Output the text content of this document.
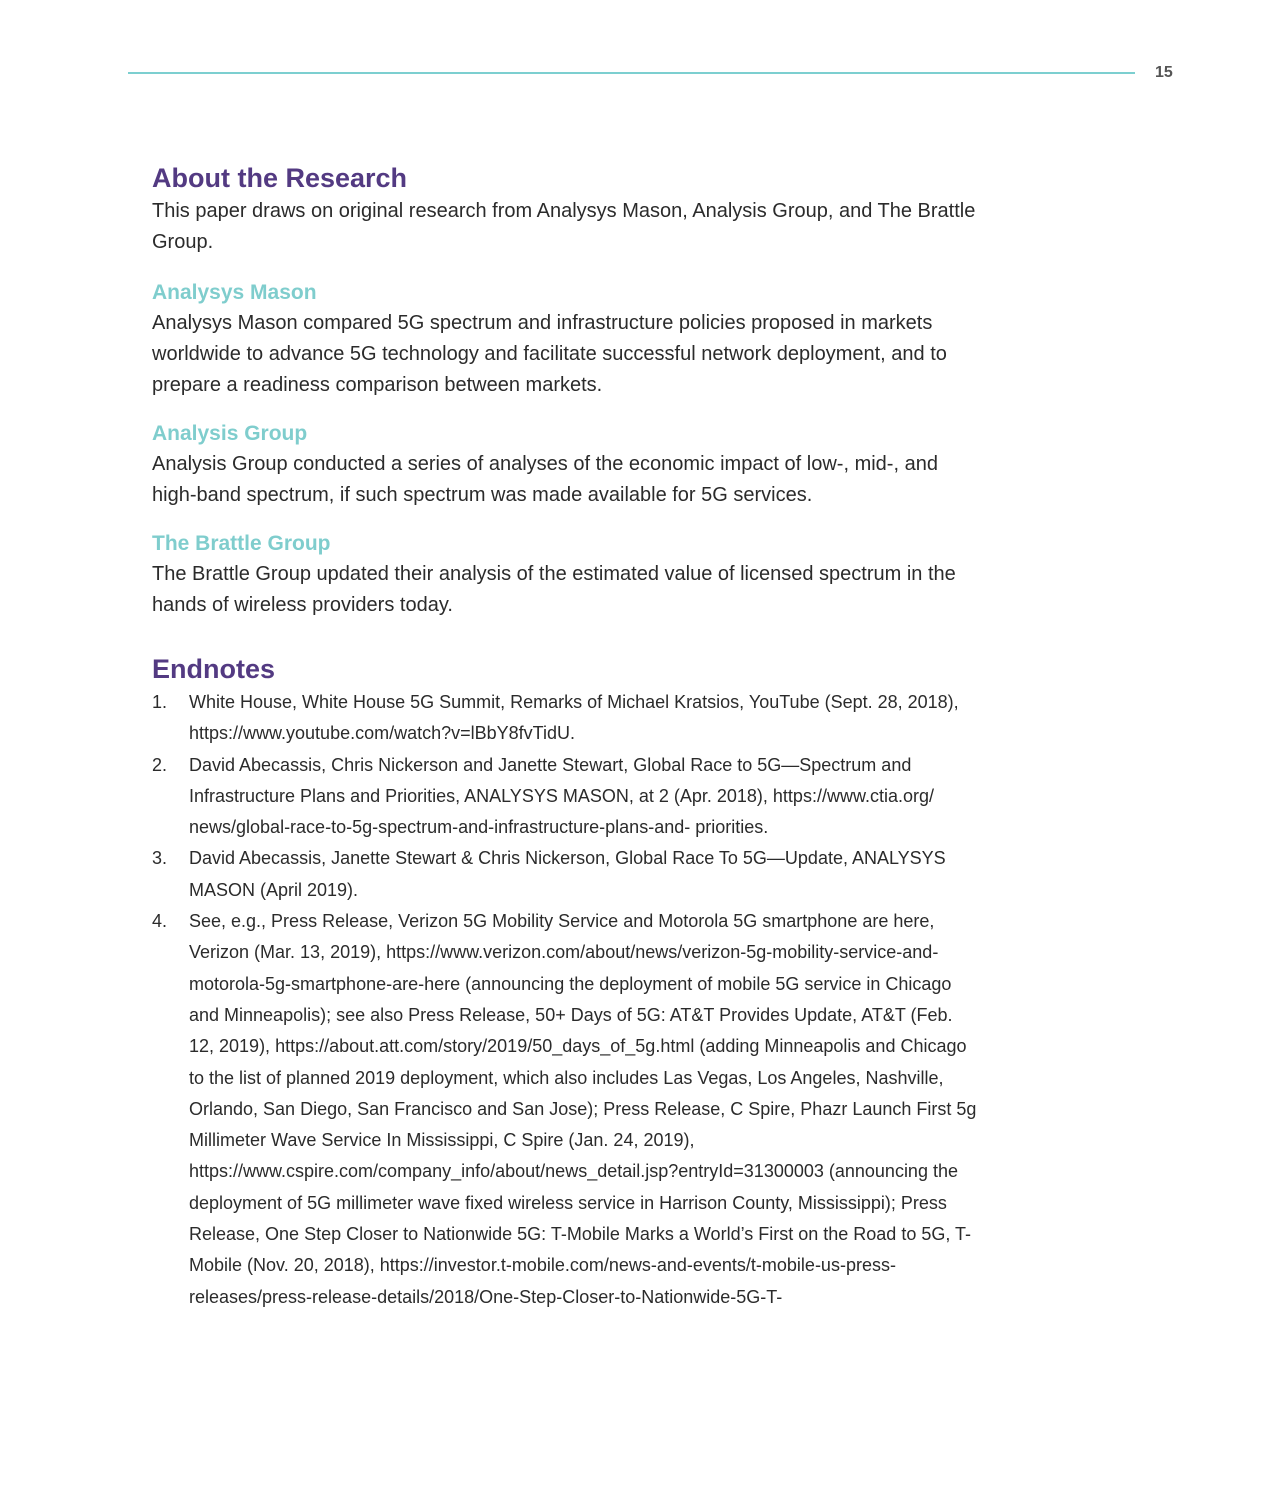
15
About the Research

This paper draws on original research from Analysys Mason, Analysis Group, and The Brattle Group.

Analysys Mason

Analysys Mason compared 5G spectrum and infrastructure policies proposed in markets worldwide to advance 5G technology and facilitate successful network deployment, and to prepare a readiness comparison between markets.

Analysis Group

Analysis Group conducted a series of analyses of the economic impact of low-, mid-, and high-band spectrum, if such spectrum was made available for 5G services.

The Brattle Group

The Brattle Group updated their analysis of the estimated value of licensed spectrum in the hands of wireless providers today.

Endnotes
1.	White House, White House 5G Summit, Remarks of Michael Kratsios, YouTube (Sept. 28, 2018), https://www.youtube.com/watch?v=lBbY8fvTidU.
2.	David Abecassis, Chris Nickerson and Janette Stewart, Global Race to 5G—Spectrum and Infrastructure Plans and Priorities, ANALYSYS MASON, at 2 (Apr. 2018), https://www.ctia.org/ news/global-race-to-5g-spectrum-and-infrastructure-plans-and- priorities.
3.	David Abecassis, Janette Stewart & Chris Nickerson, Global Race To 5G—Update, ANALYSYS MASON (April 2019).
4.	See, e.g., Press Release, Verizon 5G Mobility Service and Motorola 5G smartphone are here, Verizon (Mar. 13, 2019), https://www.verizon.com/about/news/verizon-5g-mobility-service-and-motorola-5g-smartphone-are-here (announcing the deployment of mobile 5G service in Chicago and Minneapolis); see also Press Release, 50+ Days of 5G: AT&T Provides Update, AT&T (Feb. 12, 2019), https://about.att.com/story/2019/50_days_of_5g.html (adding Minneapolis and Chicago to the list of planned 2019 deployment, which also includes Las Vegas, Los Angeles, Nashville, Orlando, San Diego, San Francisco and San Jose); Press Release, C Spire, Phazr Launch First 5g Millimeter Wave Service In Mississippi, C Spire (Jan. 24, 2019), https://www.cspire.com/company_info/about/news_detail.jsp?entryId=31300003 (announcing the deployment of 5G millimeter wave fixed wireless service in Harrison County, Mississippi); Press Release, One Step Closer to Nationwide 5G: T-Mobile Marks a World’s First on the Road to 5G, T-Mobile (Nov. 20, 2018), https://investor.t-mobile.com/news-and-events/t-mobile-us-press-releases/press-release-details/2018/One-Step-Closer-to-Nationwide-5G-T-
